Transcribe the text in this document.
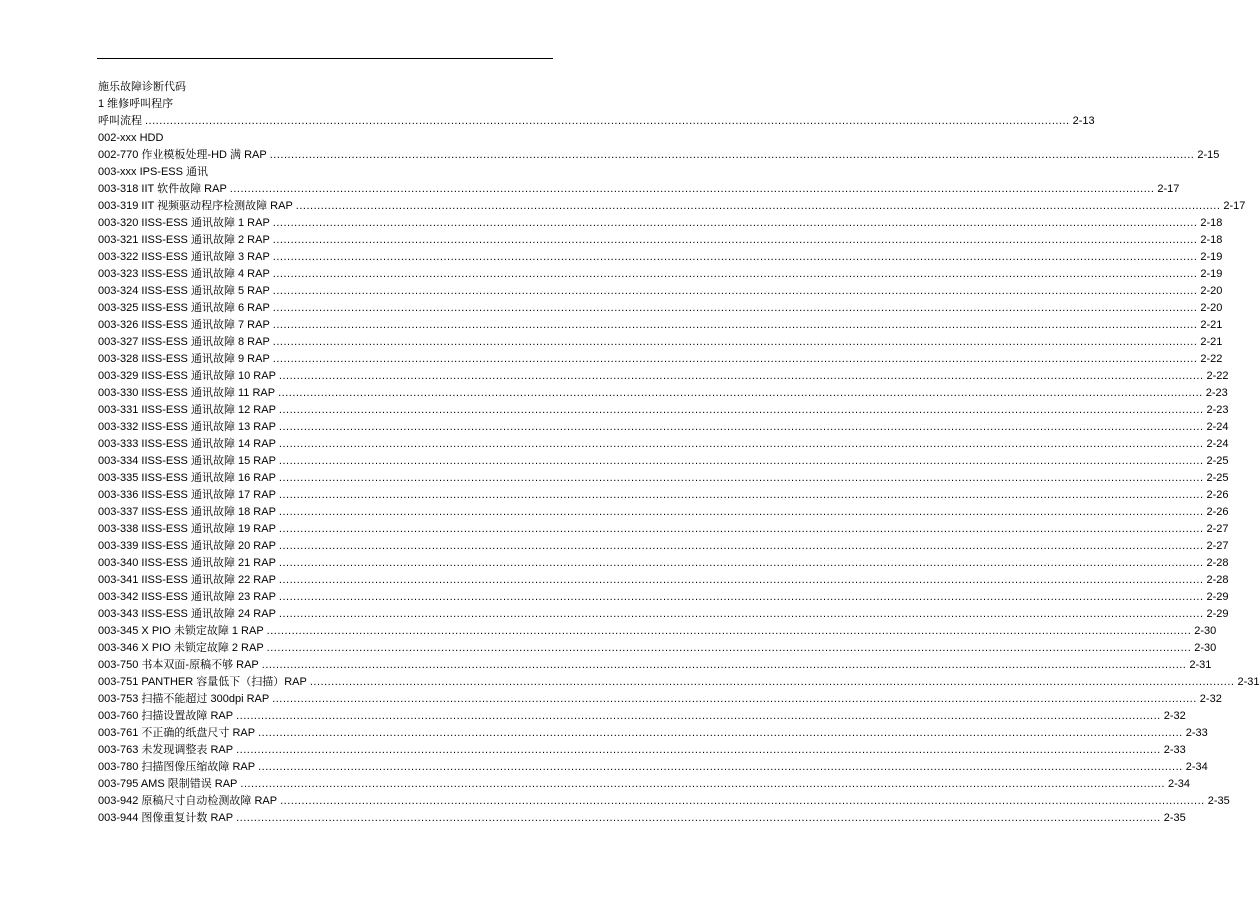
施乐故障诊断代码
1 维修呼叫程序
呼叫流程 .................................................................................................................................................................................................................................................................... 2-13
002-xxx HDD
002-770 作业模板处理-HD 满 RAP .................................................................................................................................................................................................................................................................... 2-15
003-xxx IPS-ESS 通讯
003-318 IIT 软件故障 RAP .................................................................................................................................................................................................................................................................... 2-17
003-319 IIT 视频驱动程序检测故障 RAP .................................................................................................................................................................................................................................................................... 2-17
003-320 IISS-ESS 通讯故障 1 RAP .................................................................................................................................................................................................................................................................... 2-18
003-321 IISS-ESS 通讯故障 2 RAP .................................................................................................................................................................................................................................................................... 2-18
003-322 IISS-ESS 通讯故障 3 RAP .................................................................................................................................................................................................................................................................... 2-19
003-323 IISS-ESS 通讯故障 4 RAP .................................................................................................................................................................................................................................................................... 2-19
003-324 IISS-ESS 通讯故障 5 RAP .................................................................................................................................................................................................................................................................... 2-20
003-325 IISS-ESS 通讯故障 6 RAP .................................................................................................................................................................................................................................................................... 2-20
003-326 IISS-ESS 通讯故障 7 RAP .................................................................................................................................................................................................................................................................... 2-21
003-327 IISS-ESS 通讯故障 8 RAP .................................................................................................................................................................................................................................................................... 2-21
003-328 IISS-ESS 通讯故障 9 RAP .................................................................................................................................................................................................................................................................... 2-22
003-329 IISS-ESS 通讯故障 10 RAP .................................................................................................................................................................................................................................................................... 2-22
003-330 IISS-ESS 通讯故障 11 RAP .................................................................................................................................................................................................................................................................... 2-23
003-331 IISS-ESS 通讯故障 12 RAP .................................................................................................................................................................................................................................................................... 2-23
003-332 IISS-ESS 通讯故障 13 RAP .................................................................................................................................................................................................................................................................... 2-24
003-333 IISS-ESS 通讯故障 14 RAP .................................................................................................................................................................................................................................................................... 2-24
003-334 IISS-ESS 通讯故障 15 RAP .................................................................................................................................................................................................................................................................... 2-25
003-335 IISS-ESS 通讯故障 16 RAP .................................................................................................................................................................................................................................................................... 2-25
003-336 IISS-ESS 通讯故障 17 RAP .................................................................................................................................................................................................................................................................... 2-26
003-337 IISS-ESS 通讯故障 18 RAP .................................................................................................................................................................................................................................................................... 2-26
003-338 IISS-ESS 通讯故障 19 RAP .................................................................................................................................................................................................................................................................... 2-27
003-339 IISS-ESS 通讯故障 20 RAP .................................................................................................................................................................................................................................................................... 2-27
003-340 IISS-ESS 通讯故障 21 RAP .................................................................................................................................................................................................................................................................... 2-28
003-341 IISS-ESS 通讯故障 22 RAP .................................................................................................................................................................................................................................................................... 2-28
003-342 IISS-ESS 通讯故障 23 RAP .................................................................................................................................................................................................................................................................... 2-29
003-343 IISS-ESS 通讯故障 24 RAP .................................................................................................................................................................................................................................................................... 2-29
003-345 X PIO 未锁定故障 1 RAP .................................................................................................................................................................................................................................................................... 2-30
003-346 X PIO 未锁定故障 2 RAP .................................................................................................................................................................................................................................................................... 2-30
003-750 书本双面-原稿不够 RAP .................................................................................................................................................................................................................................................................... 2-31
003-751 PANTHER 容量低下（扫描）RAP .................................................................................................................................................................................................................................................................... 2-31
003-753 扫描不能超过 300dpi RAP .................................................................................................................................................................................................................................................................... 2-32
003-760 扫描设置故障 RAP .................................................................................................................................................................................................................................................................... 2-32
003-761 不正确的纸盘尺寸 RAP .................................................................................................................................................................................................................................................................... 2-33
003-763 未发现调整表 RAP .................................................................................................................................................................................................................................................................... 2-33
003-780 扫描图像压缩故障 RAP .................................................................................................................................................................................................................................................................... 2-34
003-795 AMS 限制错误 RAP .................................................................................................................................................................................................................................................................... 2-34
003-942 原稿尺寸自动检测故障 RAP .................................................................................................................................................................................................................................................................... 2-35
003-944 图像重复计数 RAP .................................................................................................................................................................................................................................................................... 2-35
